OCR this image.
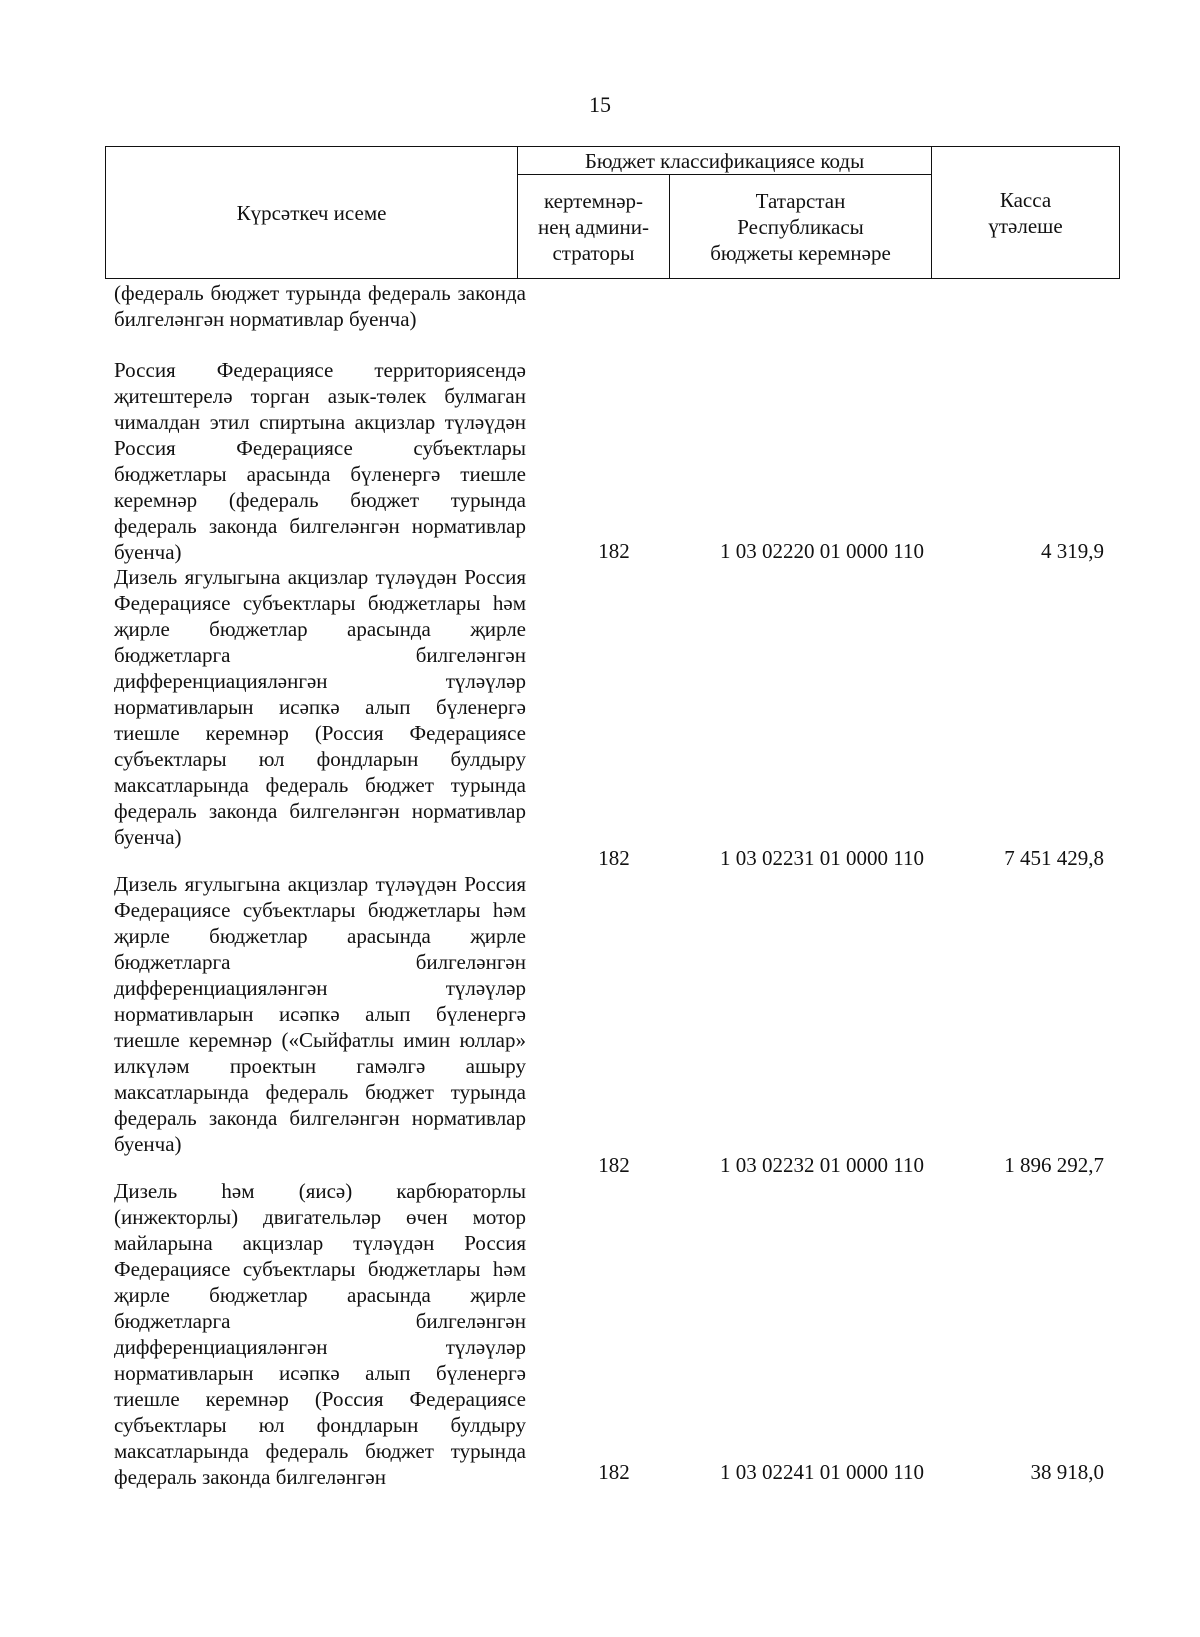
15
Күрсәткеч исеме	Бюджет классификациясе коды		Касса үтәлеше
	кертемнәр-нең админи-страторы	Татарстан Республикасы бюджеты керемнәре	
(федераль бюджет турында федераль законда билгеләнгән нормативлар буенча)
Россия Федерациясе территориясендә җитештерелә торган азык-төлек булмаган чималдан этил спиртына акцизлар түләүдән Россия Федерациясе субъектлары бюджетлары арасында бүленергә тиешле керемнәр (федераль бюджет турында федераль законда билгеләнгән нормативлар буенча)	182	1 03 02220 01 0000 110	4 319,9
Дизель ягулыгына акцизлар түләүдән Россия Федерациясе субъектлары бюджетлары һәм җирле бюджетлар арасында җирле бюджетларга билгеләнгән дифференциацияләнгән түләүләр нормативларын исәпкә алып бүленергә тиешле керемнәр (Россия Федерациясе субъектлары юл фондларын булдыру максатларында федераль бюджет турында федераль законда билгеләнгән нормативлар буенча)
182	1 03 02231 01 0000 110	7 451 429,8
Дизель ягулыгына акцизлар түләүдән Россия Федерациясе субъектлары бюджетлары һәм җирле бюджетлар арасында җирле бюджетларга билгеләнгән дифференциацияләнгән түләүләр нормативларын исәпкә алып бүленергә тиешле керемнәр («Сыйфатлы имин юллар» илкүләм проектын гамәлгә ашыру максатларында федераль бюджет турында федераль законда билгеләнгән нормативлар буенча)
182	1 03 02232 01 0000 110	1 896 292,7
Дизель һәм (яисә) карбюраторлы (инжекторлы) двигательләр өчен мотор майларына акцизлар түләүдән Россия Федерациясе субъектлары бюджетлары һәм җирле бюджетлар арасында җирле бюджетларга билгеләнгән дифференциацияләнгән түләүләр нормативларын исәпкә алып бүленергә тиешле керемнәр (Россия Федерациясе субъектлары юл фондларын булдыру максатларында федераль бюджет турында федераль законда билгеләнгән	182	1 03 02241 01 0000 110	38 918,0
